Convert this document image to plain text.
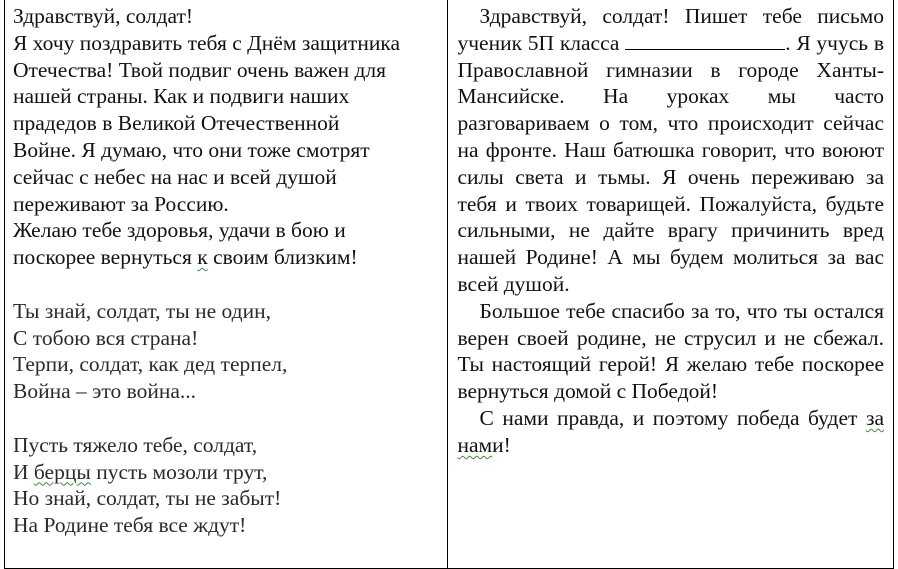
Здравствуй, солдат!
Я хочу поздравить тебя с Днём защитника
Отечества! Твой подвиг очень важен для
нашей страны. Как и подвиги наших
прадедов в Великой Отечественной
Войне. Я думаю, что они тоже смотрят
сейчас с небес на нас и всей душой
переживают за Россию.
Желаю тебе здоровья, удачи в бою и
поскорее вернуться к своим близким!
Ты знай, солдат, ты не один,
С тобою вся страна!
Терпи, солдат, как дед терпел,
Война – это война...
Пусть тяжело тебе, солдат,
И берцы пусть мозоли трут,
Но знай, солдат, ты не забыт!
На Родине тебя все ждут!

Здравствуй, солдат! Пишет тебе письмо ученик 5П класса	. Я учусь в Православной гимназии в городе Ханты-Мансийске. На уроках мы часто разговариваем о том, что происходит сейчас на фронте. Наш батюшка говорит, что воюют силы света и тьмы. Я очень переживаю за тебя и твоих товарищей. Пожалуйста, будьте сильными, не дайте врагу причинить вред нашей Родине! А мы будем молиться за вас всей душой.

Большое тебе спасибо за то, что ты остался верен своей родине, не струсил и не сбежал. Ты настоящий герой! Я желаю тебе поскорее вернуться домой с Победой!

С нами правда, и поэтому победа будет за нами!
